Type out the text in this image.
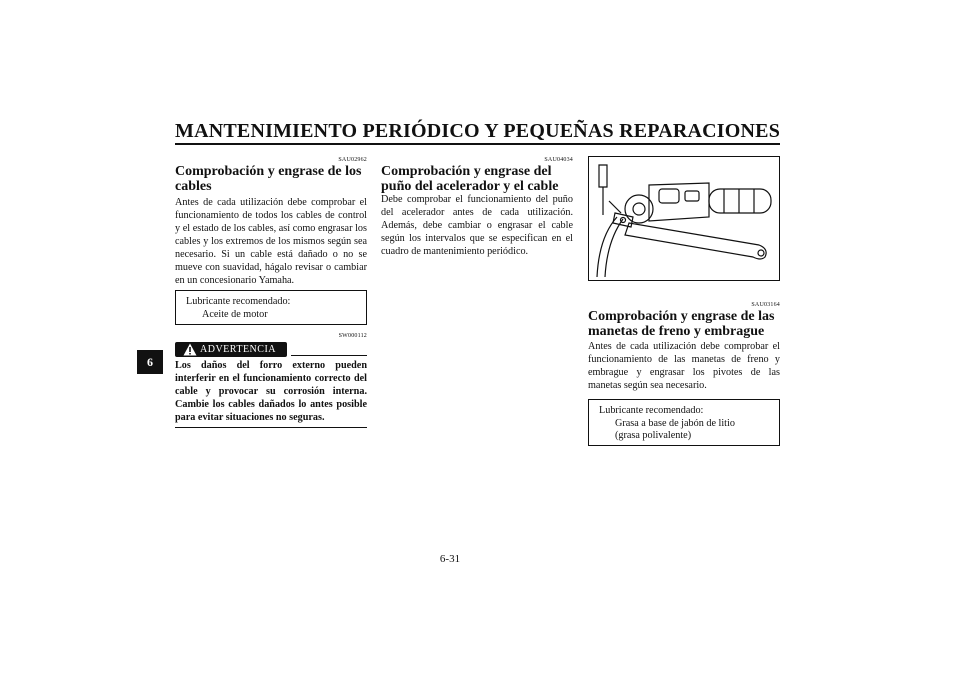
MANTENIMIENTO PERIÓDICO Y PEQUEÑAS REPARACIONES
6
SAU02962
Comprobación y engrase de los cables
Antes de cada utilización debe comprobar el funcionamiento de todos los cables de control y el estado de los cables, así como engrasar los cables y los extremos de los mismos según sea necesario. Si un cable está dañado o no se mueve con suavidad, hágalo revisar o cambiar en un concesionario Yamaha.
Lubricante recomendado:
Aceite de motor
SW000112
ADVERTENCIA
Los daños del forro externo pueden interferir en el funcionamiento correcto del cable y provocar su corrosión interna. Cambie los cables dañados lo antes posible para evitar situaciones no seguras.
SAU04034
Comprobación y engrase del puño del acelerador y el cable
Debe comprobar el funcionamiento del puño del acelerador antes de cada utilización. Además, debe cambiar o engrasar el cable según los intervalos que se especifican en el cuadro de mantenimiento periódico.
SAU03164
Comprobación y engrase de las manetas de freno y embrague
Antes de cada utilización debe comprobar el funcionamiento de las manetas de freno y embrague y engrasar los pivotes de las manetas según sea necesario.
Lubricante recomendado:
Grasa a base de jabón de litio
(grasa polivalente)
6-31
